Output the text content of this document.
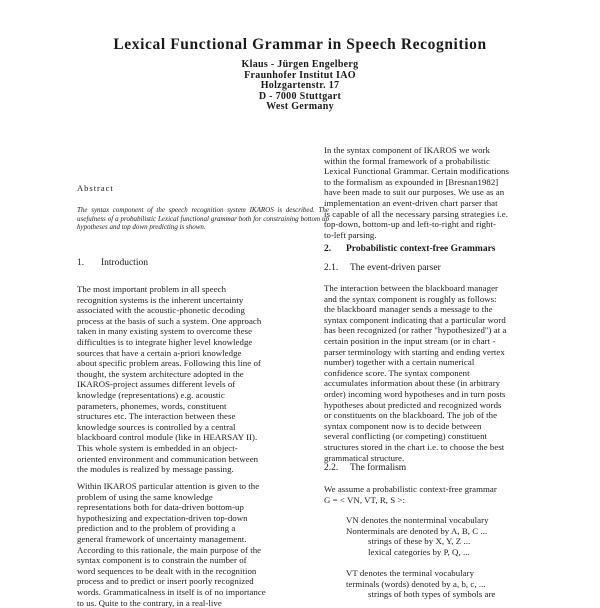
Lexical Functional Grammar in Speech Recognition
Klaus - Jürgen Engelberg
Fraunhofer Institut IAO
Holzgartenstr. 17
D - 7000 Stuttgart
West Germany
Abstract
The syntax component of the speech recognition system IKAROS is described. The usefulness of a probabilistic Lexical functional grammar both for constraining bottom up hypotheses and top down predicting is shown.
1. Introduction
The most important problem in all speech
recognition systems is the inherent uncertainty
associated with the acoustic-phonetic decoding
process at the basis of such a system. One approach
taken in many existing system to overcome these
difficulties is to integrate higher level knowledge
sources that have a certain a-priori knowledge
about specific problem areas. Following this line of
thought, the system architecture adopted in the
IKAROS-project assumes different levels of
knowledge (representations) e.g. acoustic
parameters, phonemes, words, constituent
structures etc. The interaction between these
knowledge sources is controlled by a central
blackboard control module (like in HEARSAY II).
This whole system is embedded in an object-
oriented environment and communication between
the modules is realized by message passing.
Within IKAROS particular attention is given to the
problem of using the same knowledge
representations both for data-driven bottom-up
hypothesizing and expectation-driven top-down
prediction and to the problem of providing a
general framework of uncertainty management.
According to this rationale, the main purpose of the
syntax component is to constrain the number of
word sequences to be dealt with in the recognition
process and to predict or insert poorly recognized
words. Grammaticalness in itself is of no importance
to us. Quite to the contrary, in a real-live
In the syntax component of IKAROS we work
within the formal framework of a probabilistic
Lexical Functional Grammar. Certain modifications
to the formalism as expounded in [Bresnan1982]
have been made to suit our purposes. We use as an
implementation an event-driven chart parser that
is capable of all the necessary parsing strategies i.e.
top-down, bottom-up and left-to-right and right-
to-left parsing.
2. Probabilistic context-free Grammars
2.1. The event-driven parser
The interaction between the blackboard manager
and the syntax component is roughly as follows:
the blackboard manager sends a message to the
syntax component indicating that a particular word
has been recognized (or rather "hypothesized") at a
certain position in the input stream (or in chart -
parser terminology with starting and ending vertex
number) together with a certain numerical
confidence score. The syntax component
accumulates information about these (in arbitrary
order) incoming word hypotheses and in turn posts
hypotheses about predicted and recognized words
or constituents on the blackboard. The job of the
syntax component now is to decide between
several conflicting (or competing) constituent
structures stored in the chart i.e. to choose the best
grammatical structure.
2.2. The formalism
We assume a probabilistic context-free grammar
G = < VN, VT, R, S >:
VN denotes the nonterminal vocabulary
Nonterminals are denoted by A, B, C ...
strings of these by X, Y, Z ...
lexical categories by P, Q, ...
VT denotes the terminal vocabulary
terminals (words) denoted by a, b, c, ...
strings of both types of symbols are
